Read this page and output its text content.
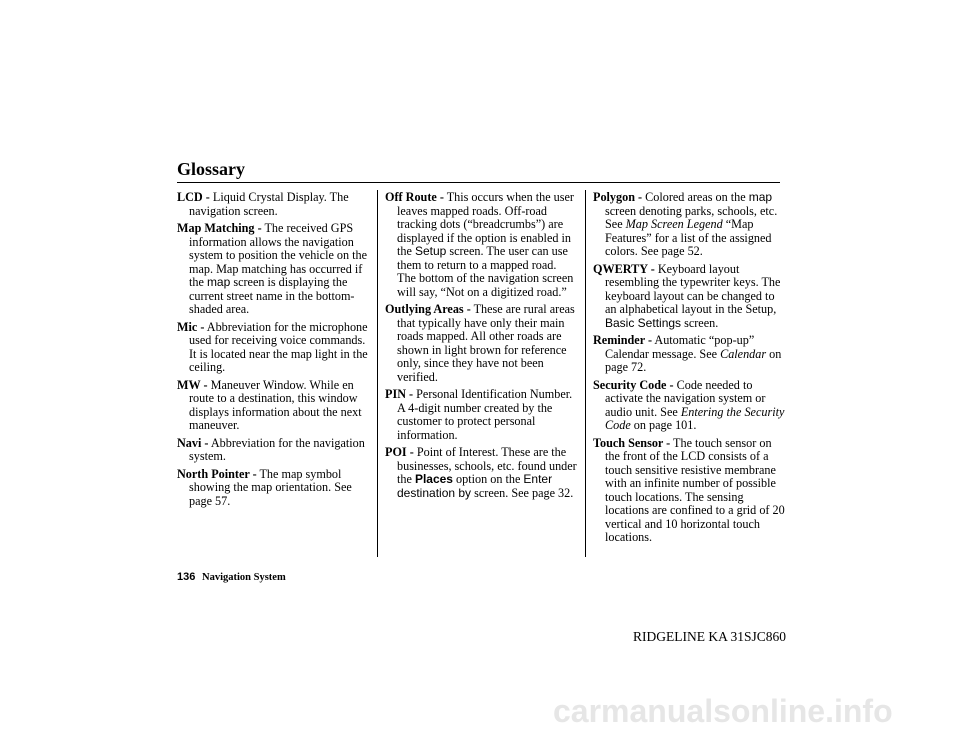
Glossary

LCD - Liquid Crystal Display. The navigation screen.

Map Matching - The received GPS information allows the navigation system to position the vehicle on the map. Map matching has occurred if the map screen is displaying the current street name in the bottom-shaded area.

Mic - Abbreviation for the microphone used for receiving voice commands. It is located near the map light in the ceiling.

MW - Maneuver Window. While en route to a destination, this window displays information about the next maneuver.

Navi - Abbreviation for the navigation system.

North Pointer - The map symbol showing the map orientation. See page 57.

Off Route - This occurs when the user leaves mapped roads. Off-road tracking dots (“breadcrumbs”) are displayed if the option is enabled in the Setup screen. The user can use them to return to a mapped road. The bottom of the navigation screen will say, “Not on a digitized road.”

Outlying Areas - These are rural areas that typically have only their main roads mapped. All other roads are shown in light brown for reference only, since they have not been verified.

PIN - Personal Identification Number. A 4-digit number created by the customer to protect personal information.

POI - Point of Interest. These are the businesses, schools, etc. found under the Places option on the Enter destination by screen. See page 32.

Polygon - Colored areas on the map screen denoting parks, schools, etc. See Map Screen Legend “Map Features” for a list of the assigned colors. See page 52.

QWERTY - Keyboard layout resembling the typewriter keys. The keyboard layout can be changed to an alphabetical layout in the Setup, Basic Settings screen.

Reminder - Automatic “pop-up” Calendar message. See Calendar on page 72.

Security Code - Code needed to activate the navigation system or audio unit. See Entering the Security Code on page 101.

Touch Sensor - The touch sensor on the front of the LCD consists of a touch sensitive resistive membrane with an infinite number of possible touch locations. The sensing locations are confined to a grid of 20 vertical and 10 horizontal touch locations.

136 Navigation System
RIDGELINE KA 31SJC860
carmanualsonline.info
